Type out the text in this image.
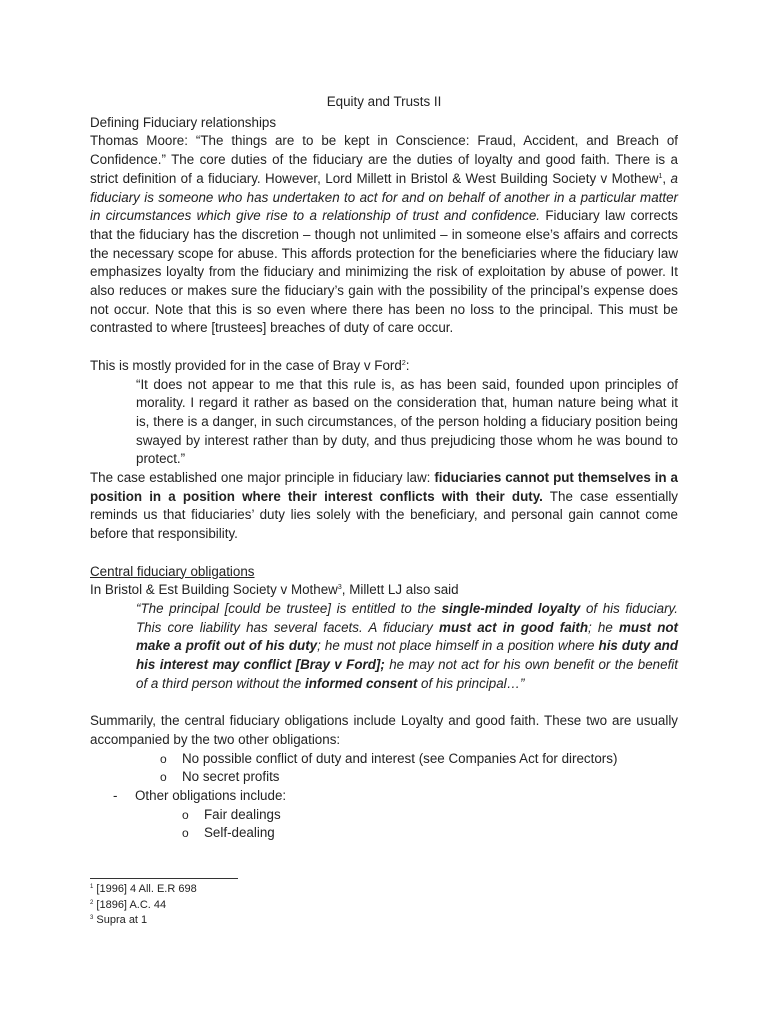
Equity and Trusts II

Defining Fiduciary relationships

Thomas Moore: “The things are to be kept in Conscience: Fraud, Accident, and Breach of Confidence.” The core duties of the fiduciary are the duties of loyalty and good faith. There is a strict definition of a fiduciary. However, Lord Millett in Bristol & West Building Society v Mothew$^1$, a fiduciary is someone who has undertaken to act for and on behalf of another in a particular matter in circumstances which give rise to a relationship of trust and confidence. Fiduciary law corrects that the fiduciary has the discretion – though not unlimited – in someone else’s affairs and corrects the necessary scope for abuse. This affords protection for the beneficiaries where the fiduciary law emphasizes loyalty from the fiduciary and minimizing the risk of exploitation by abuse of power. It also reduces or makes sure the fiduciary’s gain with the possibility of the principal’s expense does not occur. Note that this is so even where there has been no loss to the principal. This must be contrasted to where [trustees] breaches of duty of care occur.

This is mostly provided for in the case of Bray v Ford$^2$:

“It does not appear to me that this rule is, as has been said, founded upon principles of morality. I regard it rather as based on the consideration that, human nature being what it is, there is a danger, in such circumstances, of the person holding a fiduciary position being swayed by interest rather than by duty, and thus prejudicing those whom he was bound to protect.”

The case established one major principle in fiduciary law: fiduciaries cannot put themselves in a position in a position where their interest conflicts with their duty. The case essentially reminds us that fiduciaries’ duty lies solely with the beneficiary, and personal gain cannot come before that responsibility.

Central fiduciary obligations

In Bristol & Est Building Society v Mothew$^3$, Millett LJ also said

“The principal [could be trustee] is entitled to the single-minded loyalty of his fiduciary. This core liability has several facets. A fiduciary must act in good faith; he must not make a profit out of his duty; he must not place himself in a position where his duty and his interest may conflict [Bray v Ford]; he may not act for his own benefit or the benefit of a third person without the informed consent of his principal…”

Summarily, the central fiduciary obligations include Loyalty and good faith. These two are usually accompanied by the two other obligations:

o No possible conflict of duty and interest (see Companies Act for directors)
o No secret profits
- Other obligations include:
o Fair dealings
o Self-dealing
$^1$ [1996] 4 All. E.R 698
$^2$ [1896] A.C. 44
$^3$ Supra at 1
